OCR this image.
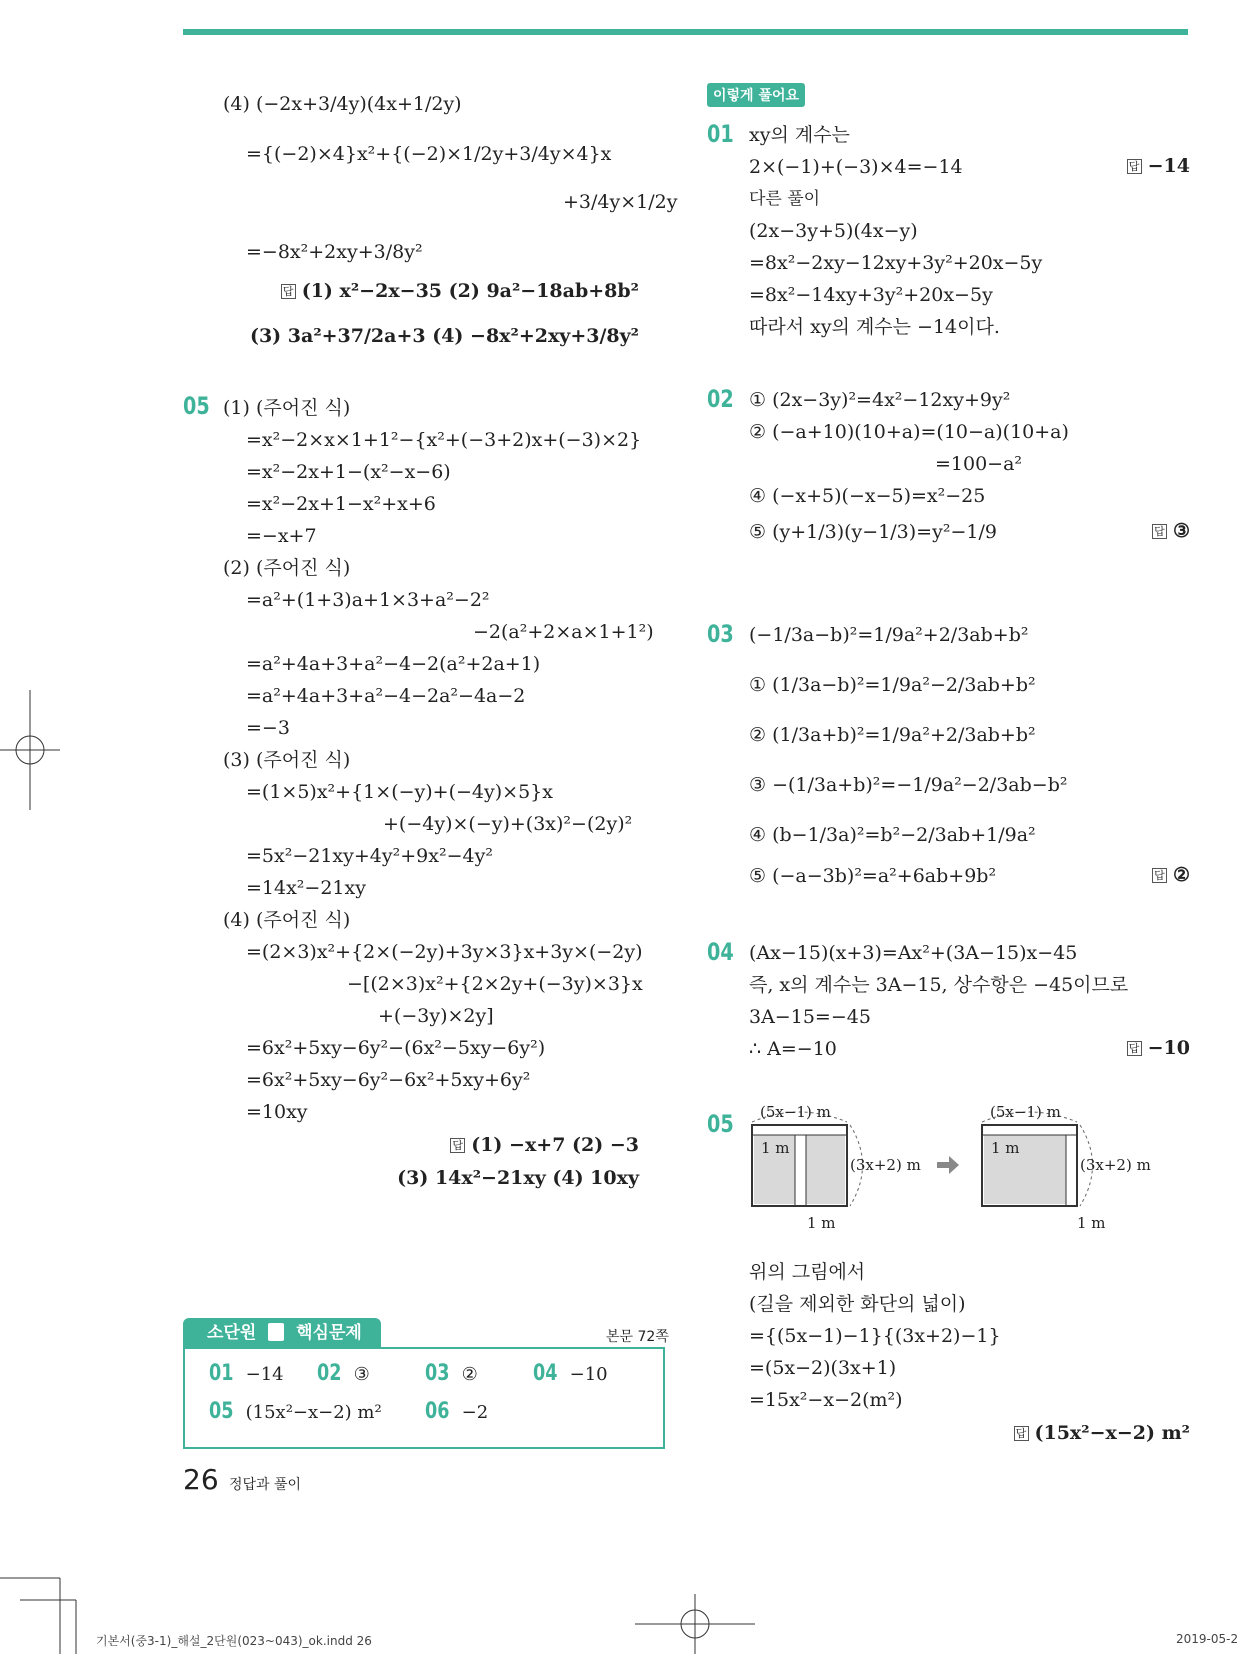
(4) (−2x+3/4y)(4x+1/2y)
={(−2)×4}x²+{(−2)×1/2y+3/4y×4}x
+3/4y×1/2y
=−8x²+2xy+3/8y²
답 (1) x²−2x−35 (2) 9a²−18ab+8b²
(3) 3a²+37/2a+3 (4) −8x²+2xy+3/8y²
05 (1) (주어진 식)
=x²−2×x×1+1²−{x²+(−3+2)x+(−3)×2}
=x²−2x+1−(x²−x−6)
=x²−2x+1−x²+x+6
=−x+7
(2) (주어진 식)
=a²+(1+3)a+1×3+a²−2²
−2(a²+2×a×1+1²)
=a²+4a+3+a²−4−2(a²+2a+1)
=a²+4a+3+a²−4−2a²−4a−2
=−3
(3) (주어진 식)
=(1×5)x²+{1×(−y)+(−4y)×5}x
+(−4y)×(−y)+(3x)²−(2y)²
=5x²−21xy+4y²+9x²−4y²
=14x²−21xy
(4) (주어진 식)
=(2×3)x²+{2×(−2y)+3y×3}x+3y×(−2y)
−[(2×3)x²+{2×2y+(−3y)×3}x
+(−3y)×2y]
=6x²+5xy−6y²−(6x²−5xy−6y²)
=6x²+5xy−6y²−6x²+5xy+6y²
=10xy
답 (1) −x+7 (2) −3
(3) 14x²−21xy (4) 10xy
이렇게 풀어요
01 xy의 계수는
2×(−1)+(−3)×4=−14	답 −14
다른 풀이
(2x−3y+5)(4x−y)
=8x²−2xy−12xy+3y²+20x−5y
=8x²−14xy+3y²+20x−5y
따라서 xy의 계수는 −14이다.
02 ① (2x−3y)²=4x²−12xy+9y²
② (−a+10)(10+a)=(10−a)(10+a)
=100−a²
④ (−x+5)(−x−5)=x²−25
⑤ (y+1/3)(y−1/3)=y²−1/9	답 ③
03 (−1/3a−b)²=1/9a²+2/3ab+b²
① (1/3a−b)²=1/9a²−2/3ab+b²
② (1/3a+b)²=1/9a²+2/3ab+b²
③ −(1/3a+b)²=−1/9a²−2/3ab−b²
④ (b−1/3a)²=b²−2/3ab+1/9a²
⑤ (−a−3b)²=a²+6ab+9b²	답 ②
04 (Ax−15)(x+3)=Ax²+(3A−15)x−45
즉, x의 계수는 3A−15, 상수항은 −45이므로
3A−15=−45
∴ A=−10	답 −10
05 (5x−1) m
(3x+2) m
1 m
1 m
(5x−1) m
(3x+2) m
1 m
1 m
위의 그림에서
(길을 제외한 화단의 넓이)
={(5x−1)−1}{(3x+2)−1}
=(5x−2)(3x+1)
=15x²−x−2(m²)
답 (15x²−x−2) m²
소단원 핵심문제	본문 72쪽
01 −14 02 ③	03 ②	04 −10
05 (15x²−x−2) m² 06 −2
26 정답과 풀이
기본서(중3-1)_해설_2단원(023~043)_ok.indd 26	2019-05-2
